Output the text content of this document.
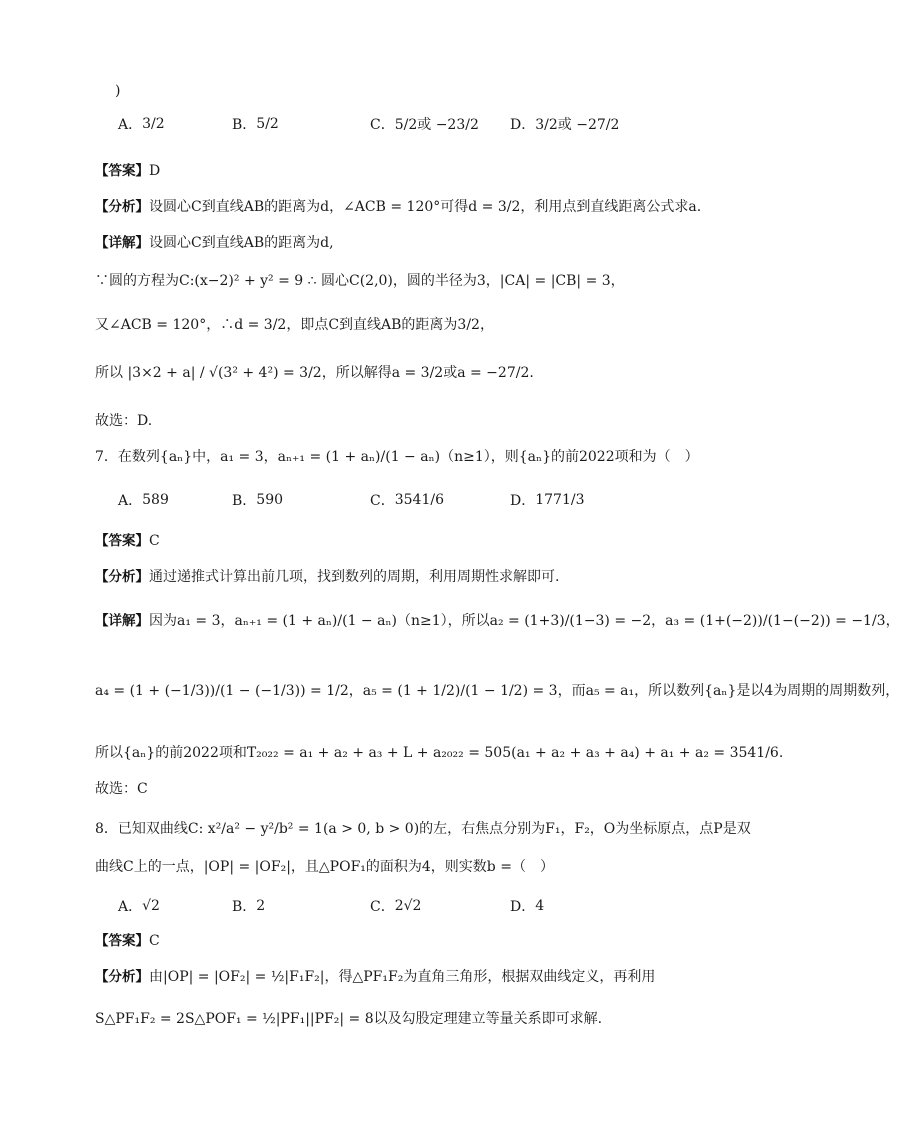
)
A． 3/2	B． 5/2	C． 5/2或 −23/2 D． 3/2或 −27/2
【答案】D
【分析】设圆心C到直线AB的距离为d，∠ACB = 120°可得d = 3/2，利用点到直线距离公式求a.
【详解】设圆心C到直线AB的距离为d,
∵圆的方程为C:(x−2)² + y² = 9 ∴ 圆心C(2,0)，圆的半径为3，|CA| = |CB| = 3，
又∠ACB = 120°，∴d = 3/2，即点C到直线AB的距离为3/2，
所以 |3×2 + a| / √(3² + 4²) = 3/2，所以解得a = 3/2或a = −27/2.
故选：D.
7．在数列{aₙ}中，a₁ = 3，aₙ₊₁ = (1 + aₙ)/(1 − aₙ)（n≥1），则{aₙ}的前2022项和为（　）
A． 589	B． 590	C． 3541/6	D． 1771/3
【答案】C
【分析】通过递推式计算出前几项，找到数列的周期，利用周期性求解即可.
【详解】因为a₁ = 3，aₙ₊₁ = (1 + aₙ)/(1 − aₙ)（n≥1），所以a₂ = (1+3)/(1−3) = −2，a₃ = (1+(−2))/(1−(−2)) = −1/3，
a₄ = (1 + (−1/3))/(1 − (−1/3)) = 1/2，a₅ = (1 + 1/2)/(1 − 1/2) = 3，而a₅ = a₁，所以数列{aₙ}是以4为周期的周期数列，
所以{aₙ}的前2022项和T₂₀₂₂ = a₁ + a₂ + a₃ + L + a₂₀₂₂ = 505(a₁ + a₂ + a₃ + a₄) + a₁ + a₂ = 3541/6.
故选：C
8．已知双曲线C: x²/a² − y²/b² = 1(a > 0, b > 0)的左，右焦点分别为F₁，F₂，O为坐标原点，点P是双
曲线C上的一点，|OP| = |OF₂|，且△POF₁的面积为4，则实数b =（　）
A． √2	B． 2	C． 2√2	D． 4
【答案】C
【分析】由|OP| = |OF₂| = ½|F₁F₂|，得△PF₁F₂为直角三角形，根据双曲线定义，再利用
S△PF₁F₂ = 2S△POF₁ = ½|PF₁||PF₂| = 8以及勾股定理建立等量关系即可求解.
